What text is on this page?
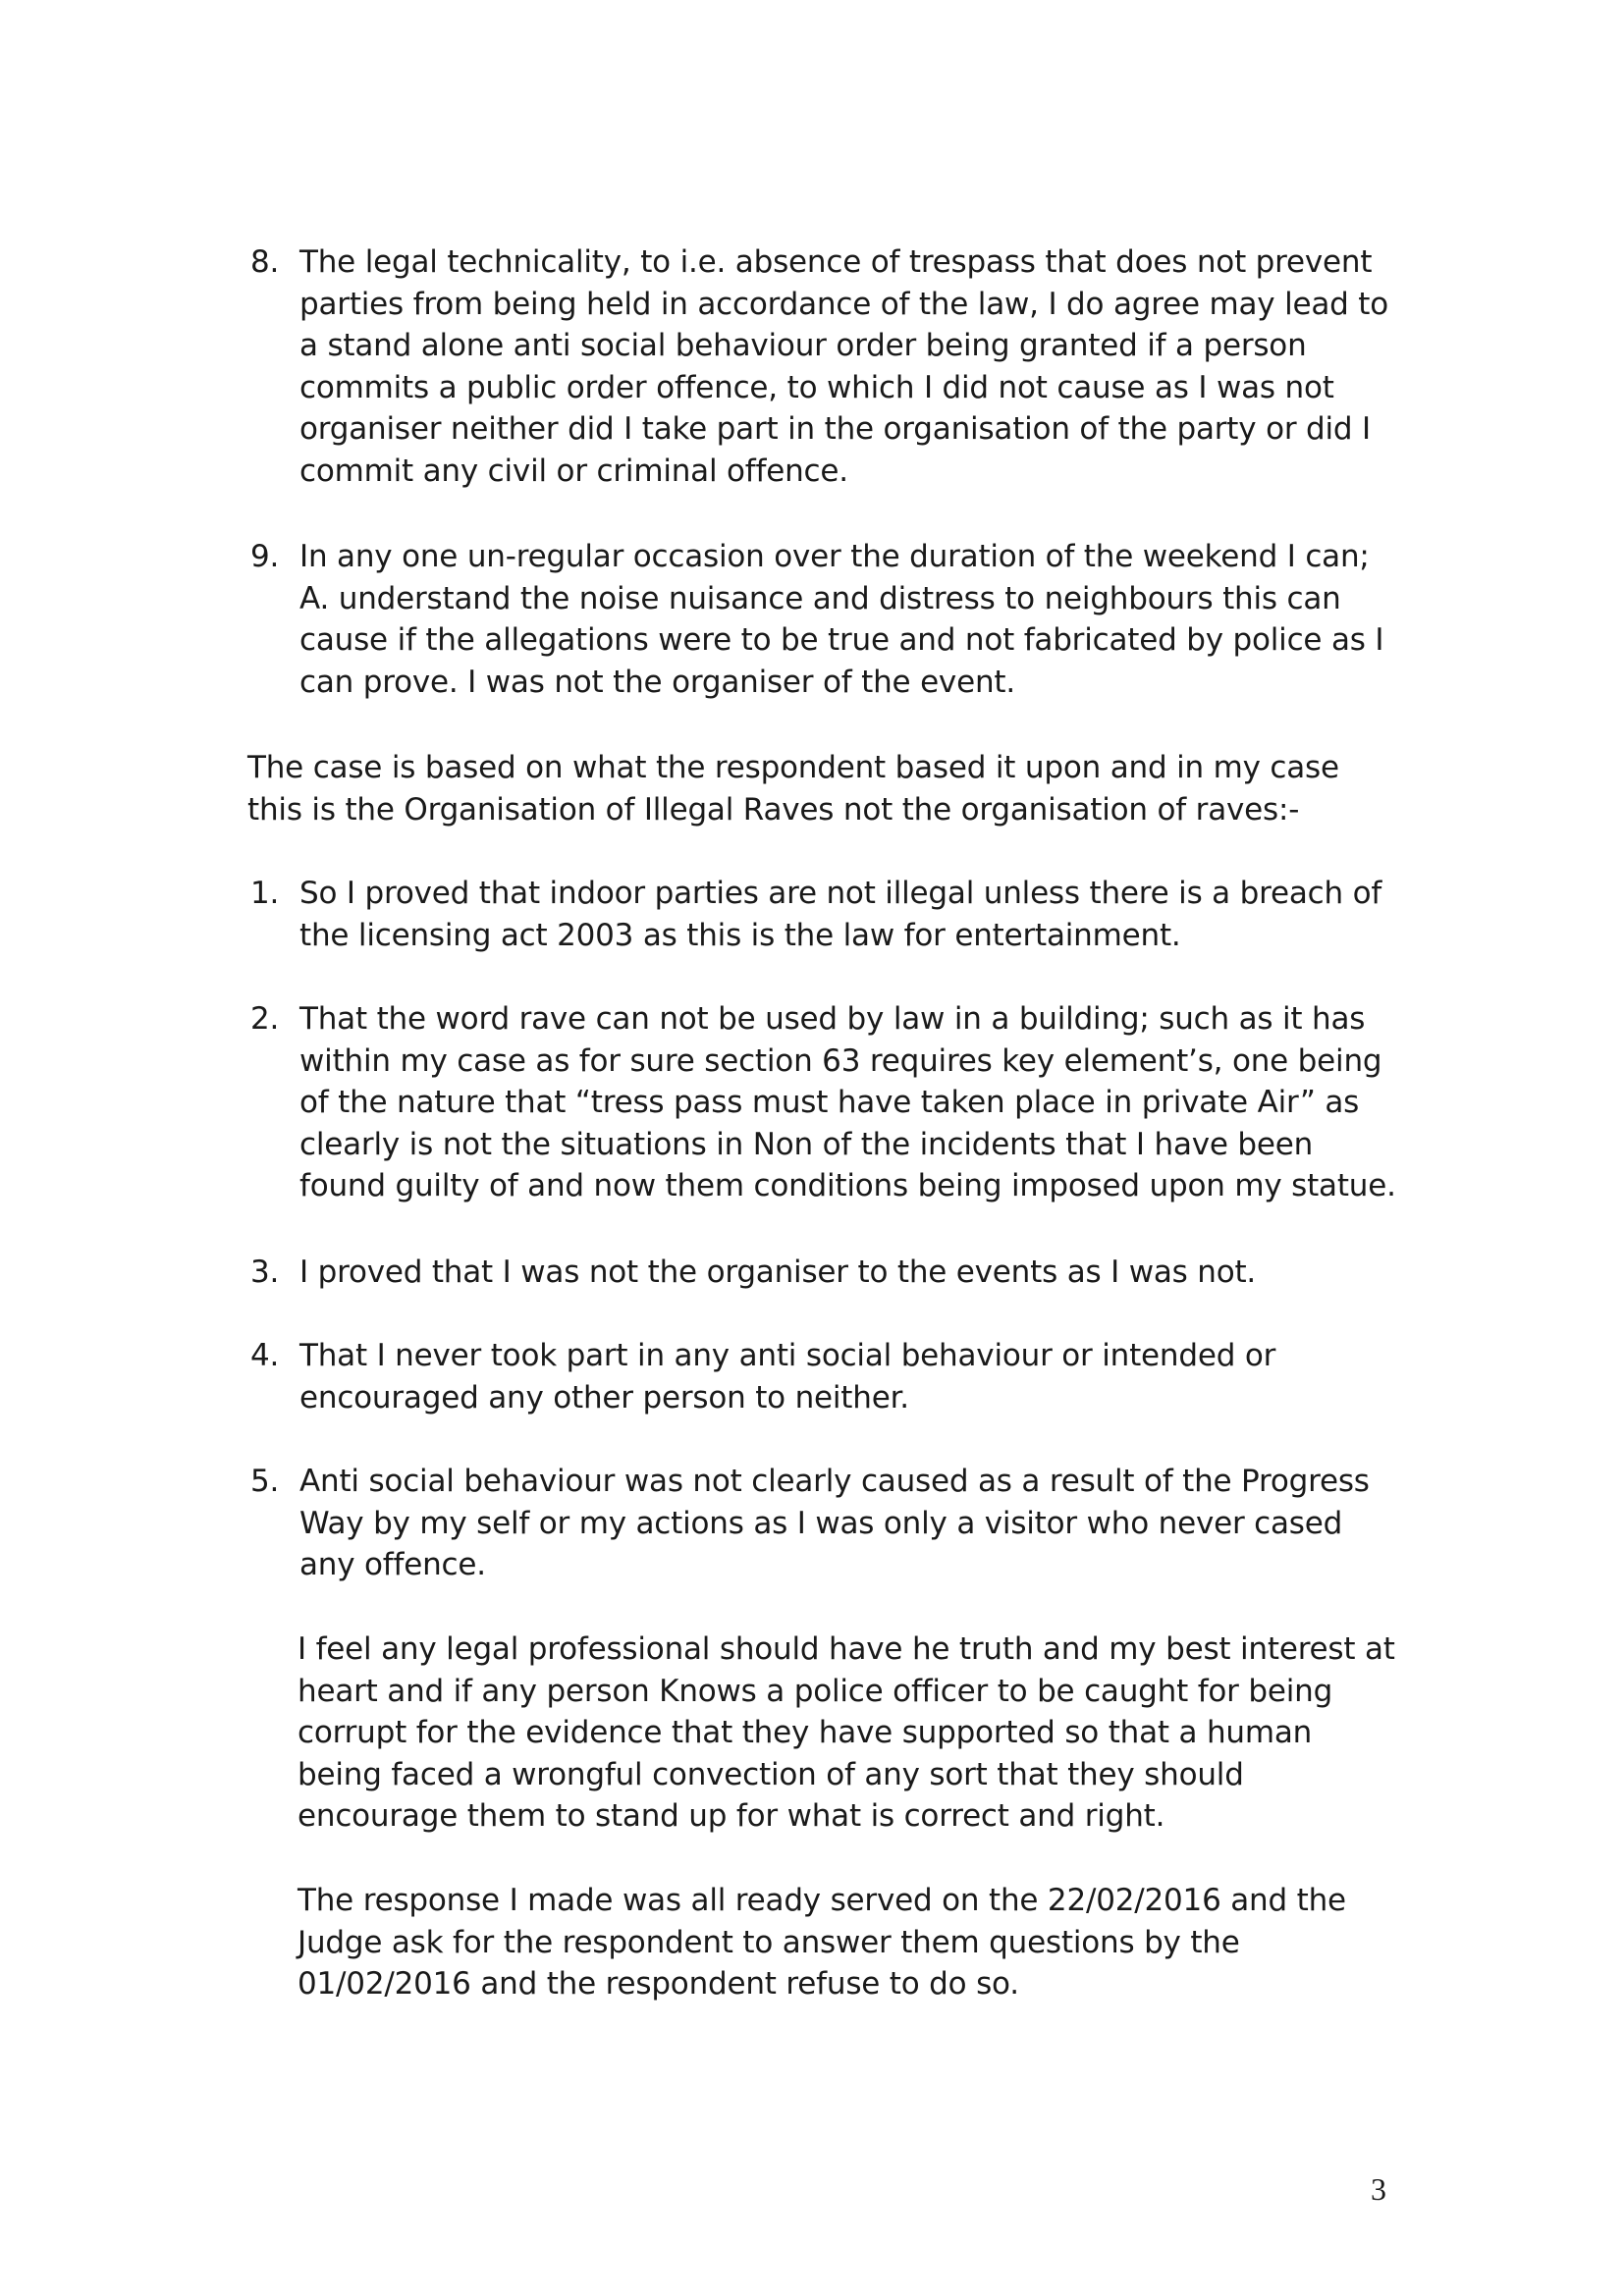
8. The legal technicality, to i.e. absence of trespass that does not prevent parties from being held in accordance of the law, I do agree may lead to a stand alone anti social behaviour order being granted if a person commits a public order offence, to which I did not cause as I was not organiser neither did I take part in the organisation of the party or did I commit any civil or criminal offence.

9. In any one un-regular occasion over the duration of the weekend I can; A. understand the noise nuisance and distress to neighbours this can cause if the allegations were to be true and not fabricated by police as I can prove. I was not the organiser of the event.

The case is based on what the respondent based it upon and in my case this is the Organisation of Illegal Raves not the organisation of raves:-

1. So I proved that indoor parties are not illegal unless there is a breach of the licensing act 2003 as this is the law for entertainment.

2. That the word rave can not be used by law in a building; such as it has within my case as for sure section 63 requires key element’s, one being of the nature that “tress pass must have taken place in private Air” as clearly is not the situations in Non of the incidents that I have been found guilty of and now them conditions being imposed upon my statue.

3. I proved that I was not the organiser to the events as I was not.

4. That I never took part in any anti social behaviour or intended or encouraged any other person to neither.

5. Anti social behaviour was not clearly caused as a result of the Progress Way by my self or my actions as I was only a visitor who never cased any offence.

I feel any legal professional should have he truth and my best interest at heart and if any person Knows a police officer to be caught for being corrupt for the evidence that they have supported so that a human being faced a wrongful convection of any sort that they should encourage them to stand up for what is correct and right.

The response I made was all ready served on the 22/02/2016 and the Judge ask for the respondent to answer them questions by the 01/02/2016 and the respondent refuse to do so.

3
